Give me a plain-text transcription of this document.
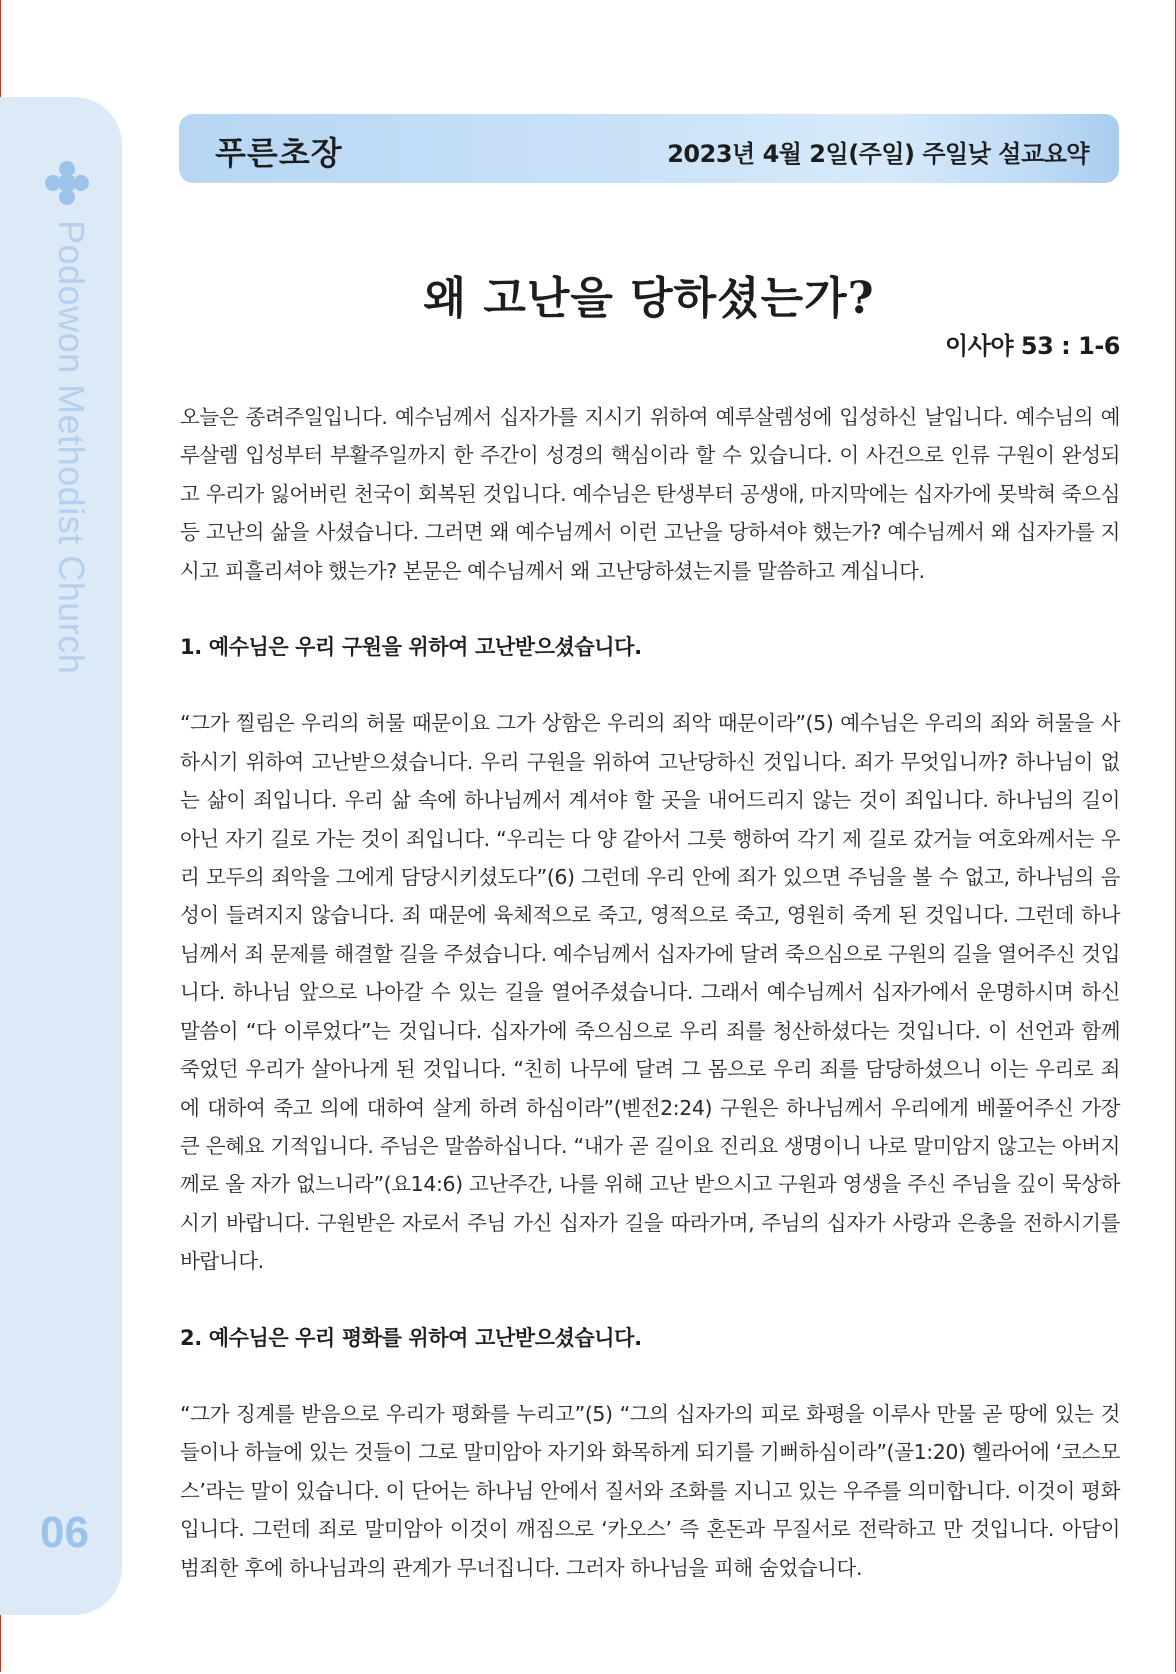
Podowon Methodist Church
06
푸른초장	2023년 4월 2일(주일) 주일낮 설교요약
왜 고난을 당하셨는가?
이사야 53 : 1-6

오늘은 종려주일입니다. 예수님께서 십자가를 지시기 위하여 예루살렘성에 입성하신 날입니다. 예수님의 예루살렘 입성부터 부활주일까지 한 주간이 성경의 핵심이라 할 수 있습니다. 이 사건으로 인류 구원이 완성되고 우리가 잃어버린 천국이 회복된 것입니다. 예수님은 탄생부터 공생애, 마지막에는 십자가에 못박혀 죽으심 등 고난의 삶을 사셨습니다. 그러면 왜 예수님께서 이런 고난을 당하셔야 했는가? 예수님께서 왜 십자가를 지시고 피흘리셔야 했는가? 본문은 예수님께서 왜 고난당하셨는지를 말씀하고 계십니다.

1. 예수님은 우리 구원을 위하여 고난받으셨습니다.

“그가 찔림은 우리의 허물 때문이요 그가 상함은 우리의 죄악 때문이라”(5) 예수님은 우리의 죄와 허물을 사하시기 위하여 고난받으셨습니다. 우리 구원을 위하여 고난당하신 것입니다. 죄가 무엇입니까? 하나님이 없는 삶이 죄입니다. 우리 삶 속에 하나님께서 계셔야 할 곳을 내어드리지 않는 것이 죄입니다. 하나님의 길이 아닌 자기 길로 가는 것이 죄입니다. “우리는 다 양 같아서 그릇 행하여 각기 제 길로 갔거늘 여호와께서는 우리 모두의 죄악을 그에게 담당시키셨도다”(6) 그런데 우리 안에 죄가 있으면 주님을 볼 수 없고, 하나님의 음성이 들려지지 않습니다. 죄 때문에 육체적으로 죽고, 영적으로 죽고, 영원히 죽게 된 것입니다. 그런데 하나님께서 죄 문제를 해결할 길을 주셨습니다. 예수님께서 십자가에 달려 죽으심으로 구원의 길을 열어주신 것입니다. 하나님 앞으로 나아갈 수 있는 길을 열어주셨습니다. 그래서 예수님께서 십자가에서 운명하시며 하신 말씀이 “다 이루었다”는 것입니다. 십자가에 죽으심으로 우리 죄를 청산하셨다는 것입니다. 이 선언과 함께 죽었던 우리가 살아나게 된 것입니다. “친히 나무에 달려 그 몸으로 우리 죄를 담당하셨으니 이는 우리로 죄에 대하여 죽고 의에 대하여 살게 하려 하심이라”(벧전2:24) 구원은 하나님께서 우리에게 베풀어주신 가장 큰 은혜요 기적입니다. 주님은 말씀하십니다. “내가 곧 길이요 진리요 생명이니 나로 말미암지 않고는 아버지께로 올 자가 없느니라”(요14:6) 고난주간, 나를 위해 고난 받으시고 구원과 영생을 주신 주님을 깊이 묵상하시기 바랍니다. 구원받은 자로서 주님 가신 십자가 길을 따라가며, 주님의 십자가 사랑과 은총을 전하시기를 바랍니다.

2. 예수님은 우리 평화를 위하여 고난받으셨습니다.

“그가 징계를 받음으로 우리가 평화를 누리고”(5) “그의 십자가의 피로 화평을 이루사 만물 곧 땅에 있는 것들이나 하늘에 있는 것들이 그로 말미암아 자기와 화목하게 되기를 기뻐하심이라”(골1:20) 헬라어에 ‘코스모스’라는 말이 있습니다. 이 단어는 하나님 안에서 질서와 조화를 지니고 있는 우주를 의미합니다. 이것이 평화입니다. 그런데 죄로 말미암아 이것이 깨짐으로 ‘카오스’ 즉 혼돈과 무질서로 전락하고 만 것입니다. 아담이 범죄한 후에 하나님과의 관계가 무너집니다. 그러자 하나님을 피해 숨었습니다.
